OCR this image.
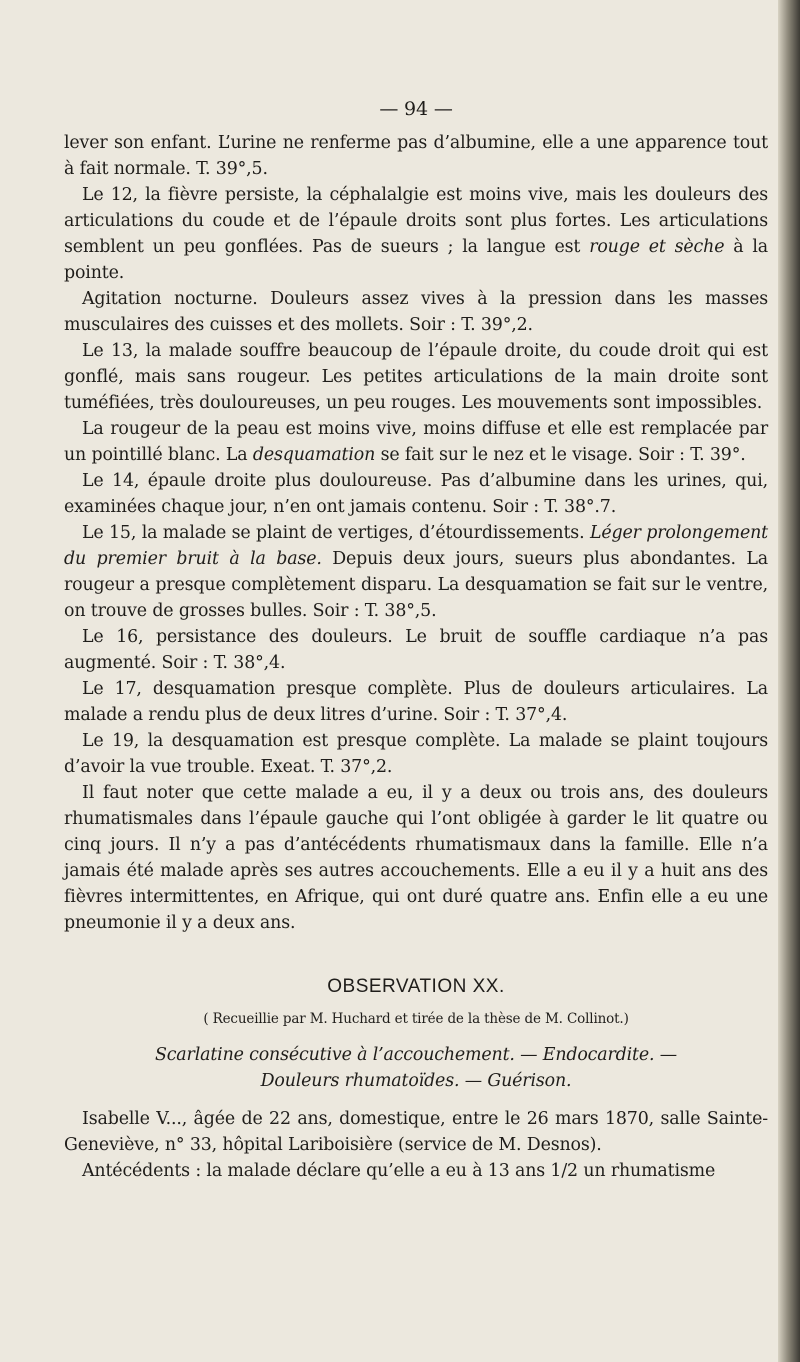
— 94 —

lever son enfant. L’urine ne renferme pas d’albumine, elle a une apparence tout à fait normale. T. 39°,5.

Le 12, la fièvre persiste, la céphalalgie est moins vive, mais les douleurs des articulations du coude et de l’épaule droits sont plus fortes. Les articulations semblent un peu gonflées. Pas de sueurs ; la langue est rouge et sèche à la pointe.

Agitation nocturne. Douleurs assez vives à la pression dans les masses musculaires des cuisses et des mollets. Soir : T. 39°,2.

Le 13, la malade souffre beaucoup de l’épaule droite, du coude droit qui est gonflé, mais sans rougeur. Les petites articulations de la main droite sont tuméfiées, très douloureuses, un peu rouges. Les mouvements sont impossibles.

La rougeur de la peau est moins vive, moins diffuse et elle est remplacée par un pointillé blanc. La desquamation se fait sur le nez et le visage. Soir : T. 39°.

Le 14, épaule droite plus douloureuse. Pas d’albumine dans les urines, qui, examinées chaque jour, n’en ont jamais contenu. Soir : T. 38°.7.

Le 15, la malade se plaint de vertiges, d’étourdissements. Léger prolongement du premier bruit à la base. Depuis deux jours, sueurs plus abondantes. La rougeur a presque complètement disparu. La desquamation se fait sur le ventre, on trouve de grosses bulles. Soir : T. 38°,5.

Le 16, persistance des douleurs. Le bruit de souffle cardiaque n’a pas augmenté. Soir : T. 38°,4.

Le 17, desquamation presque complète. Plus de douleurs articulaires. La malade a rendu plus de deux litres d’urine. Soir : T. 37°,4.

Le 19, la desquamation est presque complète. La malade se plaint toujours d’avoir la vue trouble. Exeat. T. 37°,2.

Il faut noter que cette malade a eu, il y a deux ou trois ans, des douleurs rhumatismales dans l’épaule gauche qui l’ont obligée à garder le lit quatre ou cinq jours. Il n’y a pas d’antécédents rhumatismaux dans la famille. Elle n’a jamais été malade après ses autres accouchements. Elle a eu il y a huit ans des fièvres intermittentes, en Afrique, qui ont duré quatre ans. Enfin elle a eu une pneumonie il y a deux ans.

OBSERVATION XX.
( Recueillie par M. Huchard et tirée de la thèse de M. Collinot.)
Scarlatine consécutive à l’accouchement. — Endocardite. — Douleurs rhumatoïdes. — Guérison.

Isabelle V..., âgée de 22 ans, domestique, entre le 26 mars 1870, salle Sainte-Geneviève, n° 33, hôpital Lariboisière (service de M. Desnos).

Antécédents : la malade déclare qu’elle a eu à 13 ans 1/2 un rhumatisme
